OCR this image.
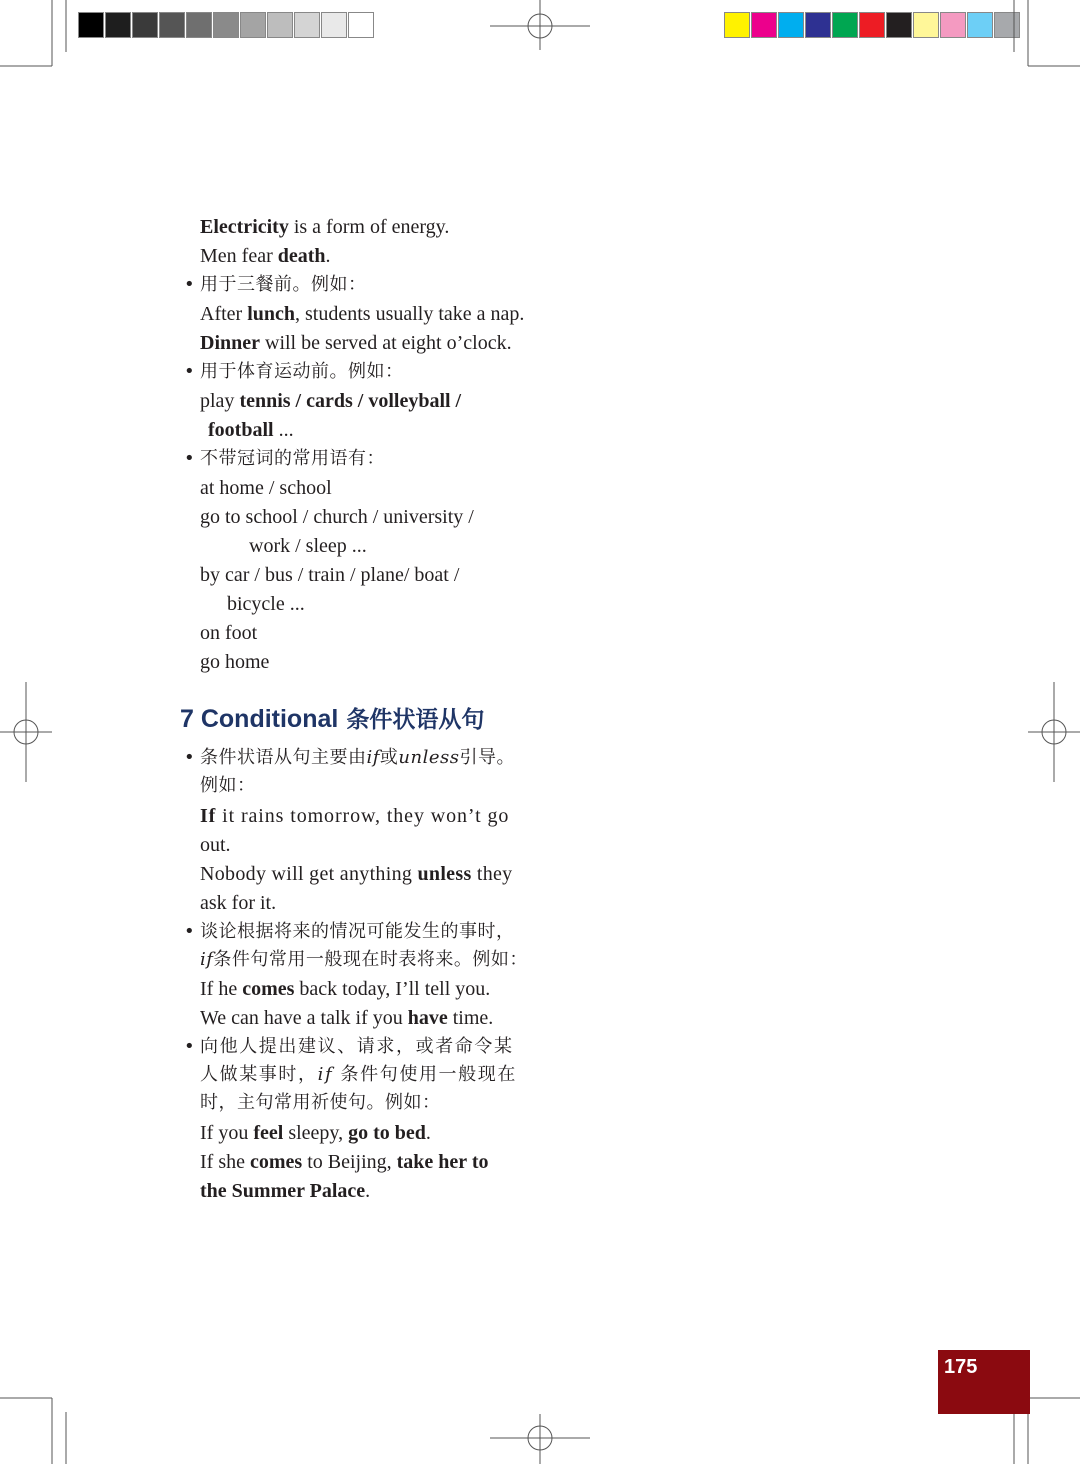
Electricity is a form of energy.
Men fear death.
• 用于三餐前。例如：
After lunch, students usually take a nap.
Dinner will be served at eight o’clock.
• 用于体育运动前。例如：
play tennis / cards / volleyball /
football ...
• 不带冠词的常用语有：
at home / school
go to school / church / university /
work / sleep ...
by car / bus / train / plane/ boat /
bicycle ...
on foot
go home
7 Conditional 条件状语从句
• 条件状语从句主要由if或unless引导。
例如：
If it rains tomorrow, they won’t go
out.
Nobody will get anything unless they
ask for it.
• 谈论根据将来的情况可能发生的事时，
if条件句常用一般现在时表将来。例如：
If he comes back today, I’ll tell you.
We can have a talk if you have time.
• 向他人提出建议、请求，或者命令某
人做某事时，if 条件句使用一般现在
时，主句常用祈使句。例如：
If you feel sleepy, go to bed.
If she comes to Beijing, take her to
the Summer Palace.
175
